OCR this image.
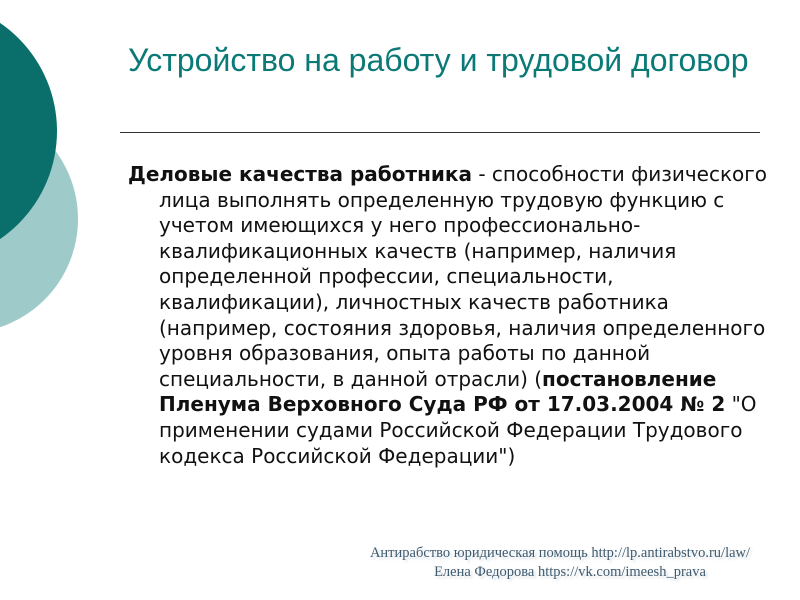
Устройство на работу и трудовой договор

Деловые качества работника - способности физического лица выполнять определенную трудовую функцию с учетом имеющихся у него профессионально-квалификационных качеств (например, наличия определенной профессии, специальности, квалификации), личностных качеств работника (например, состояния здоровья, наличия определенного уровня образования, опыта работы по данной специальности, в данной отрасли) (постановление Пленума Верховного Суда РФ от 17.03.2004 № 2 "О применении судами Российской Федерации Трудового кодекса Российской Федерации")

Антирабство юридическая помощь http://lp.antirabstvo.ru/law/
Елена Федорова https://vk.com/imeesh_prava
